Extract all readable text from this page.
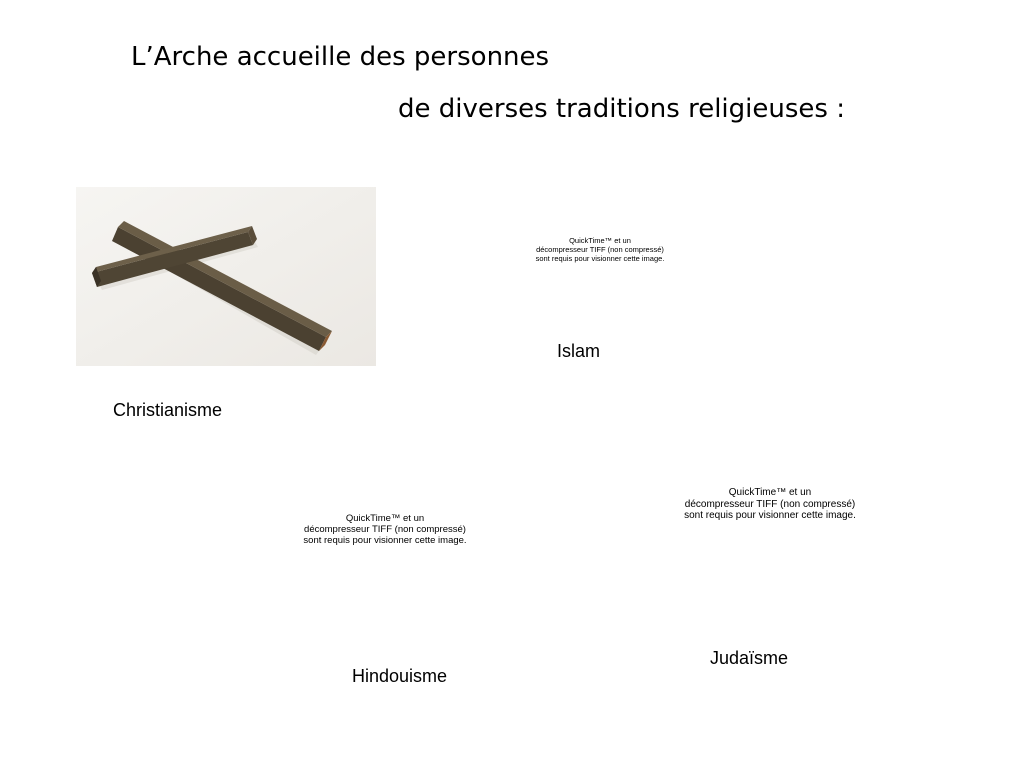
L’Arche accueille des personnes
de diverses traditions religieuses :
Christianisme
QuickTime™ et un
décompresseur TIFF (non compressé)
sont requis pour visionner cette image.
Islam
QuickTime™ et un
décompresseur TIFF (non compressé)
sont requis pour visionner cette image.
Hindouisme
QuickTime™ et un
décompresseur TIFF (non compressé)
sont requis pour visionner cette image.
Judaïsme
